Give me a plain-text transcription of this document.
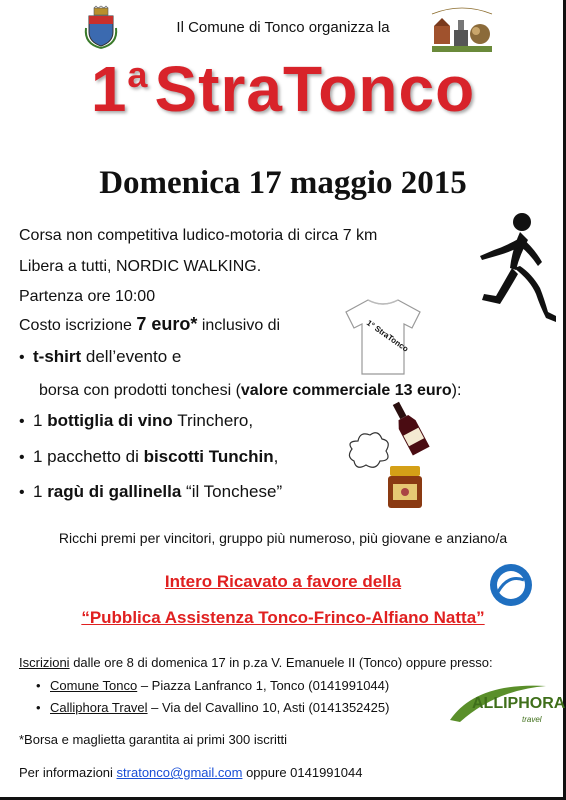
Il Comune di Tonco organizza la
1$^a$StraTonco
Domenica 17 maggio 2015
Corsa non competitiva ludico-motoria di circa 7 km
Libera a tutti, NORDIC WALKING.
Partenza ore 10:00
Costo iscrizione 7 euro* inclusivo di	1° StraTonco
• t-shirt dell’evento e
borsa con prodotti tonchesi (valore commerciale 13 euro):
• 1 bottiglia di vino Trinchero,
• 1 pacchetto di biscotti Tunchin,
• 1 ragù di gallinella “il Tonchese”
Ricchi premi per vincitori, gruppo più numeroso, più giovane e anziano/a
Intero Ricavato a favore della
“Pubblica Assistenza Tonco-Frinco-Alfiano Natta”
Iscrizioni dalle ore 8 di domenica 17 in p.za V. Emanuele II (Tonco) oppure presso:
• Comune Tonco – Piazza Lanfranco 1, Tonco (0141991044)
• Calliphora Travel – Via del Cavallino 10, Asti (0141352425)	ALLIPHORA
travel
*Borsa e maglietta garantita ai primi 300 iscritti
Per informazioni stratonco@gmail.com oppure 0141991044
